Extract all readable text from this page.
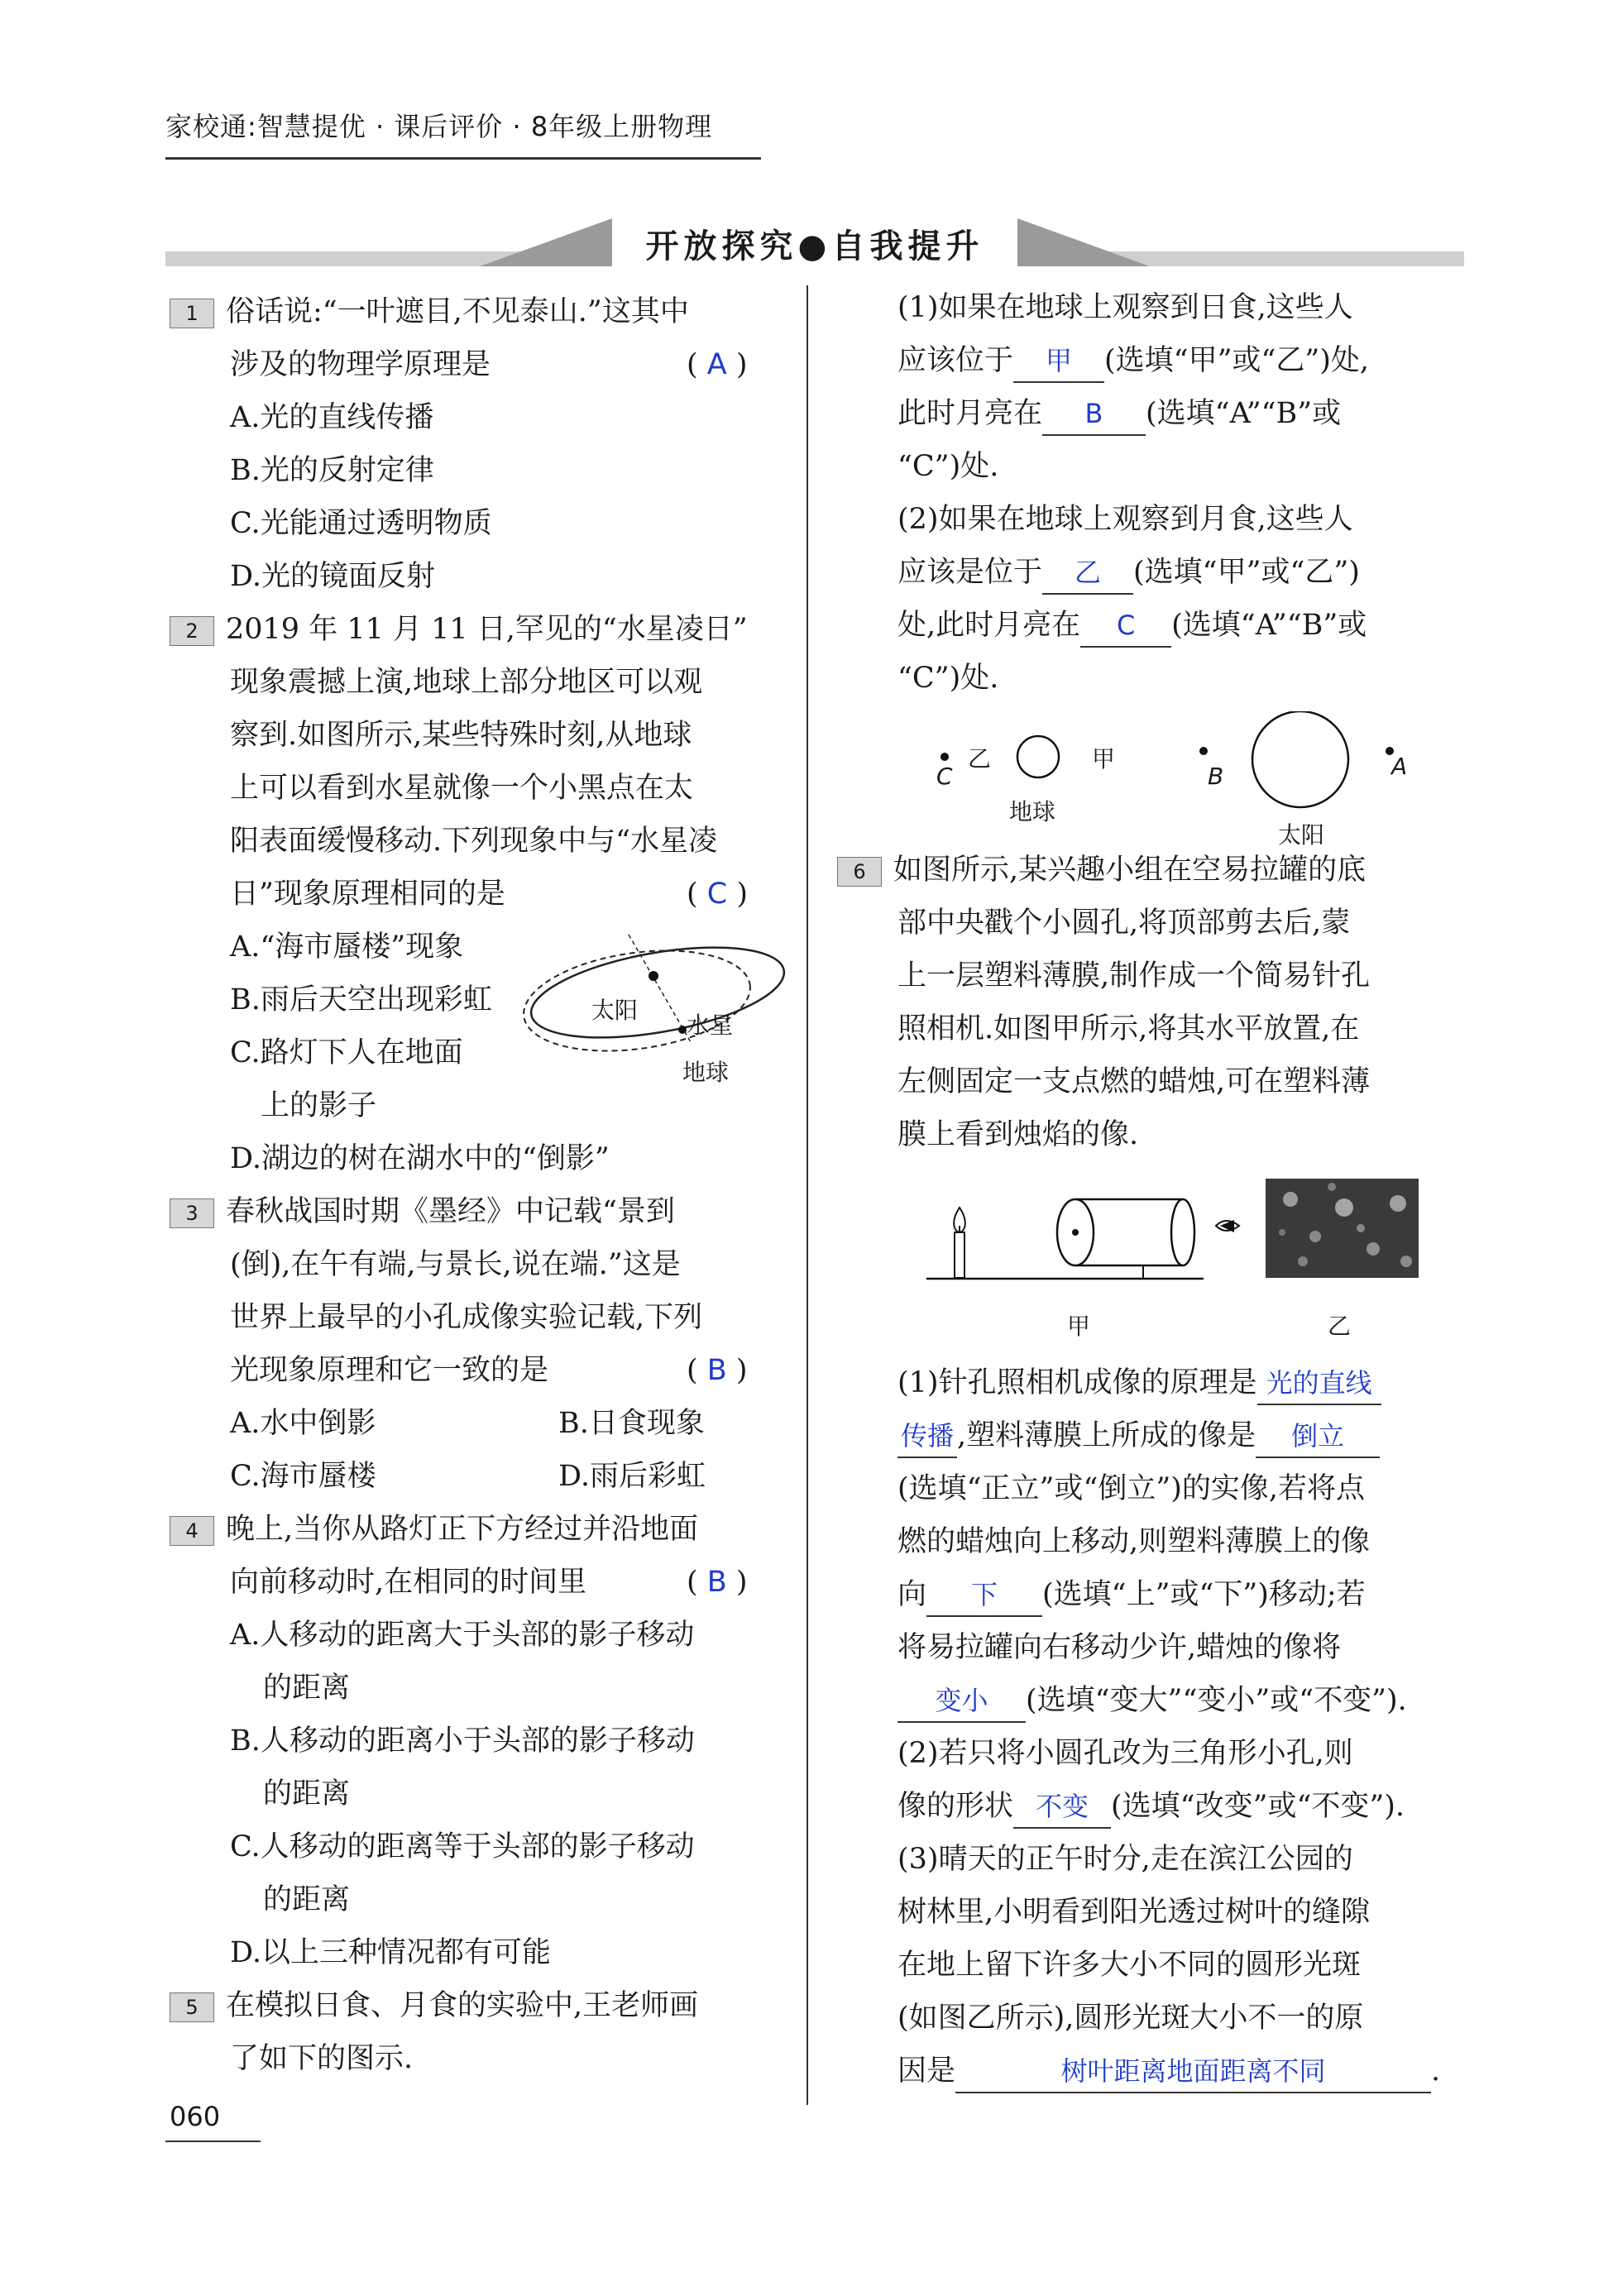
家校通:智慧提优 · 课后评价 · 8年级上册物理
开放探究●自我提升
1 俗话说:“一叶遮目,不见泰山.”这其中
涉及的物理学原理是	( A )
A.光的直线传播
B.光的反射定律
C.光能通过透明物质
D.光的镜面反射
2 2019 年 11 月 11 日,罕见的“水星凌日”
现象震撼上演,地球上部分地区可以观
察到.如图所示,某些特殊时刻,从地球
上可以看到水星就像一个小黑点在太
阳表面缓慢移动.下列现象中与“水星凌
日”现象原理相同的是	( C )
A.“海市蜃楼”现象
B.雨后天空出现彩虹
C.路灯下人在地面
上的影子
D.湖边的树在湖水中的“倒影”
太阳
水星
地球
3 春秋战国时期《墨经》中记载“景到
(倒),在午有端,与景长,说在端.”这是
世界上最早的小孔成像实验记载,下列
光现象原理和它一致的是	( B )
A.水中倒影	B.日食现象
C.海市蜃楼	D.雨后彩虹
4 晚上,当你从路灯正下方经过并沿地面
向前移动时,在相同的时间里	( B )
A.人移动的距离大于头部的影子移动
的距离
B.人移动的距离小于头部的影子移动
的距离
C.人移动的距离等于头部的影子移动
的距离
D.以上三种情况都有可能
5 在模拟日食、月食的实验中,王老师画
了如下的图示.
(1)如果在地球上观察到日食,这些人
应该位于 甲 (选填“甲”或“乙”)处,
此时月亮在 B (选填“A”“B”或
“C”)处.
(2)如果在地球上观察到月食,这些人
应该是位于 乙 (选填“甲”或“乙”)
处,此时月亮在 C (选填“A”“B”或
“C”)处.
C
乙	甲
B	A
地球
太阳
6 如图所示,某兴趣小组在空易拉罐的底
部中央戳个小圆孔,将顶部剪去后,蒙
上一层塑料薄膜,制作成一个简易针孔
照相机.如图甲所示,将其水平放置,在
左侧固定一支点燃的蜡烛,可在塑料薄
膜上看到烛焰的像.
甲	乙
(1)针孔照相机成像的原理是 光的直线
传播 ,塑料薄膜上所成的像是 倒立
(选填“正立”或“倒立”)的实像,若将点
燃的蜡烛向上移动,则塑料薄膜上的像
向 下 (选填“上”或“下”)移动;若
将易拉罐向右移动少许,蜡烛的像将
变小 (选填“变大”“变小”或“不变”).
(2)若只将小圆孔改为三角形小孔,则
像的形状 不变 (选填“改变”或“不变”).
(3)晴天的正午时分,走在滨江公园的
树林里,小明看到阳光透过树叶的缝隙
在地上留下许多大小不同的圆形光斑
(如图乙所示),圆形光斑大小不一的原
因是	树叶距离地面距离不同	.
060
